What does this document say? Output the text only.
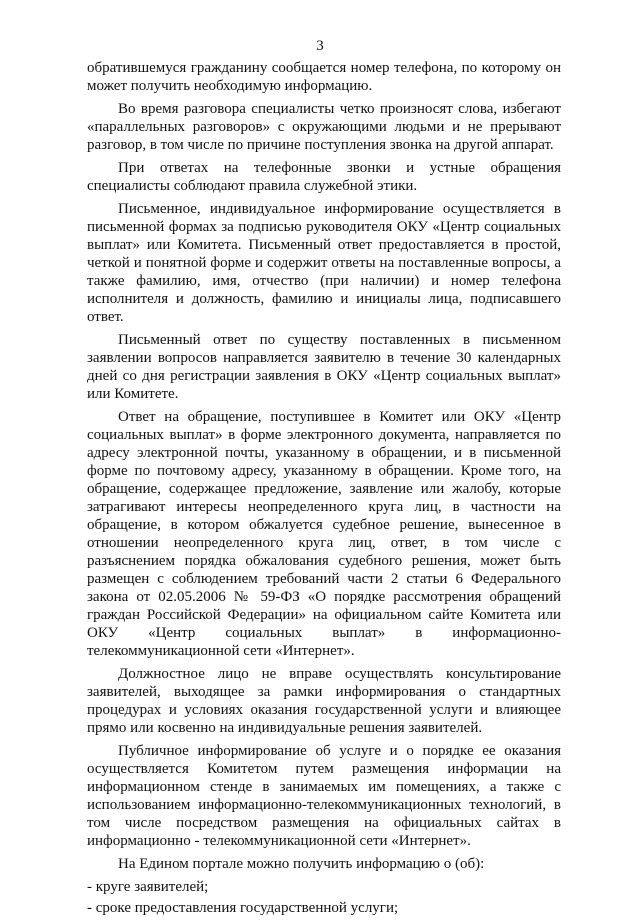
3

обратившемуся гражданину сообщается номер телефона, по которому он может получить необходимую информацию.

Во время разговора специалисты четко произносят слова, избегают «параллельных разговоров» с окружающими людьми и не прерывают разговор, в том числе по причине поступления звонка на другой аппарат.

При ответах на телефонные звонки и устные обращения специалисты соблюдают правила служебной этики.

Письменное, индивидуальное информирование осуществляется в письменной формах за подписью руководителя ОКУ «Центр социальных выплат» или Комитета. Письменный ответ предоставляется в простой, четкой и понятной форме и содержит ответы на поставленные вопросы, а также фамилию, имя, отчество (при наличии) и номер телефона исполнителя и должность, фамилию и инициалы лица, подписавшего ответ.

Письменный ответ по существу поставленных в письменном заявлении вопросов направляется заявителю в течение 30 календарных дней со дня регистрации заявления в ОКУ «Центр социальных выплат» или Комитете.

Ответ на обращение, поступившее в Комитет или ОКУ «Центр социальных выплат» в форме электронного документа, направляется по адресу электронной почты, указанному в обращении, и в письменной форме по почтовому адресу, указанному в обращении. Кроме того, на обращение, содержащее предложение, заявление или жалобу, которые затрагивают интересы неопределенного круга лиц, в частности на обращение, в котором обжалуется судебное решение, вынесенное в отношении неопределенного круга лиц, ответ, в том числе с разъяснением порядка обжалования судебного решения, может быть размещен с соблюдением требований части 2 статьи 6 Федерального закона от 02.05.2006 № 59-ФЗ «О порядке рассмотрения обращений граждан Российской Федерации» на официальном сайте Комитета или ОКУ «Центр социальных выплат» в информационно-телекоммуникационной сети «Интернет».

Должностное лицо не вправе осуществлять консультирование заявителей, выходящее за рамки информирования о стандартных процедурах и условиях оказания государственной услуги и влияющее прямо или косвенно на индивидуальные решения заявителей.

Публичное информирование об услуге и о порядке ее оказания осуществляется Комитетом путем размещения информации на информационном стенде в занимаемых им помещениях, а также с использованием информационно-телекоммуникационных технологий, в том числе посредством размещения на официальных сайтах в информационно - телекоммуникационной сети «Интернет».

На Едином портале можно получить информацию о (об):

- круге заявителей;

- сроке предоставления государственной услуги;
